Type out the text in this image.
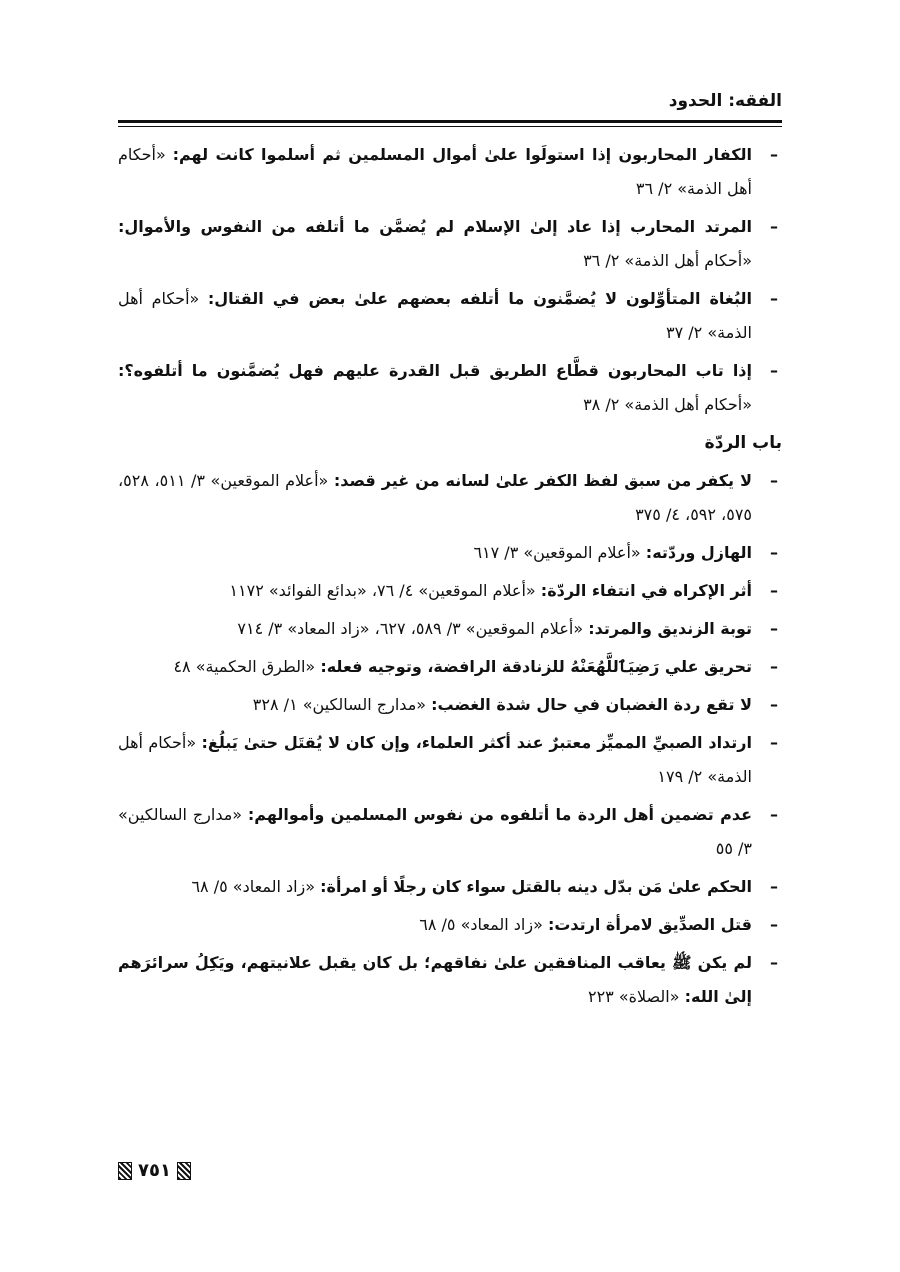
الفقه: الحدود
–
الكفار المحاربون إذا استولَوا علىٰ أموال المسلمين ثم أسلموا كانت لهم: «أحكام أهل الذمة» ٢/ ٣٦
–
المرتد المحارب إذا عاد إلىٰ الإسلام لم يُضمَّن ما أتلفه من النفوس والأموال: «أحكام أهل الذمة» ٢/ ٣٦
–
البُغاة المتأوِّلون لا يُضمَّنون ما أتلفه بعضهم علىٰ بعض في القتال: «أحكام أهل الذمة» ٢/ ٣٧
–
إذا تاب المحاربون قطَّاع الطريق قبل القدرة عليهم فهل يُضمَّنون ما أتلفوه؟: «أحكام أهل الذمة» ٢/ ٣٨
باب الردّة
–
لا يكفر من سبق لفظ الكفر علىٰ لسانه من غير قصد: «أعلام الموقعين» ٣/ ٥١١، ٥٢٨، ٥٧٥، ٥٩٢، ٤/ ٣٧٥
–
الهازل وردّته: «أعلام الموقعين» ٣/ ٦١٧
–
أثر الإكراه في انتفاء الردّة: «أعلام الموقعين» ٤/ ٧٦، «بدائع الفوائد» ١١٧٢
–
توبة الزنديق والمرتد: «أعلام الموقعين» ٣/ ٥٨٩، ٦٢٧، «زاد المعاد» ٣/ ٧١٤
–
تحريق علي رَضِيَٱللَّهُعَنْهُ للزنادقة الرافضة، وتوجيه فعله: «الطرق الحكمية» ٤٨
–
لا تقع ردة الغضبان في حال شدة الغضب: «مدارج السالكين» ١/ ٣٢٨
–
ارتداد الصبيِّ المميِّز معتبرٌ عند أكثر العلماء، وإن كان لا يُقتَل حتىٰ يَبلُغ: «أحكام أهل الذمة» ٢/ ١٧٩
–
عدم تضمين أهل الردة ما أتلفوه من نفوس المسلمين وأموالهم: «مدارج السالكين» ٣/ ٥٥
–
الحكم علىٰ مَن بدّل دينه بالقتل سواء كان رجلًا أو امرأة: «زاد المعاد» ٥/ ٦٨
–
قتل الصدِّيق لامرأة ارتدت: «زاد المعاد» ٥/ ٦٨
–
لم يكن ﷺ يعاقب المنافقين علىٰ نفاقهم؛ بل كان يقبل علانيتهم، ويَكِلُ سرائرَهم إلىٰ الله: «الصلاة» ٢٢٣
٧٥١
